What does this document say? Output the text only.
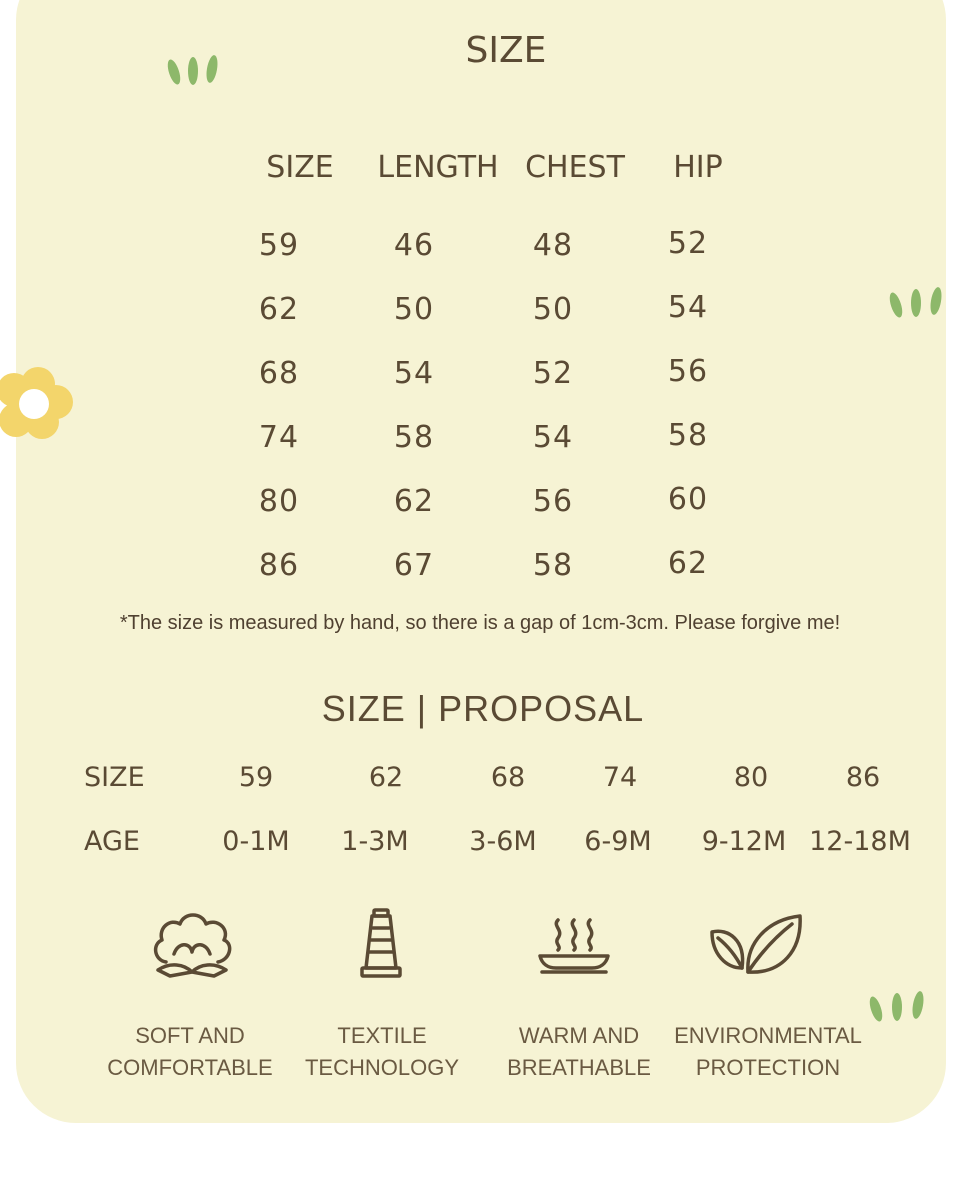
SIZE
SIZE	LENGTH CHEST	HIP
59	46	48	52
62	50	50	54
68	54	52	56
74	58	54	58
80	62	56	60
86	67	58	62
*The size is measured by hand, so there is a gap of 1cm-3cm. Please forgive me!
SIZE | PROPOSAL
SIZE	59	62	68	74	80	86
AGE	0-1M	1-3M	3-6M	6-9M	9-12M 12-18M
SOFT AND
COMFORTABLE
TEXTILE
TECHNOLOGY
WARM AND
BREATHABLE
ENVIRONMENTAL
PROTECTION
